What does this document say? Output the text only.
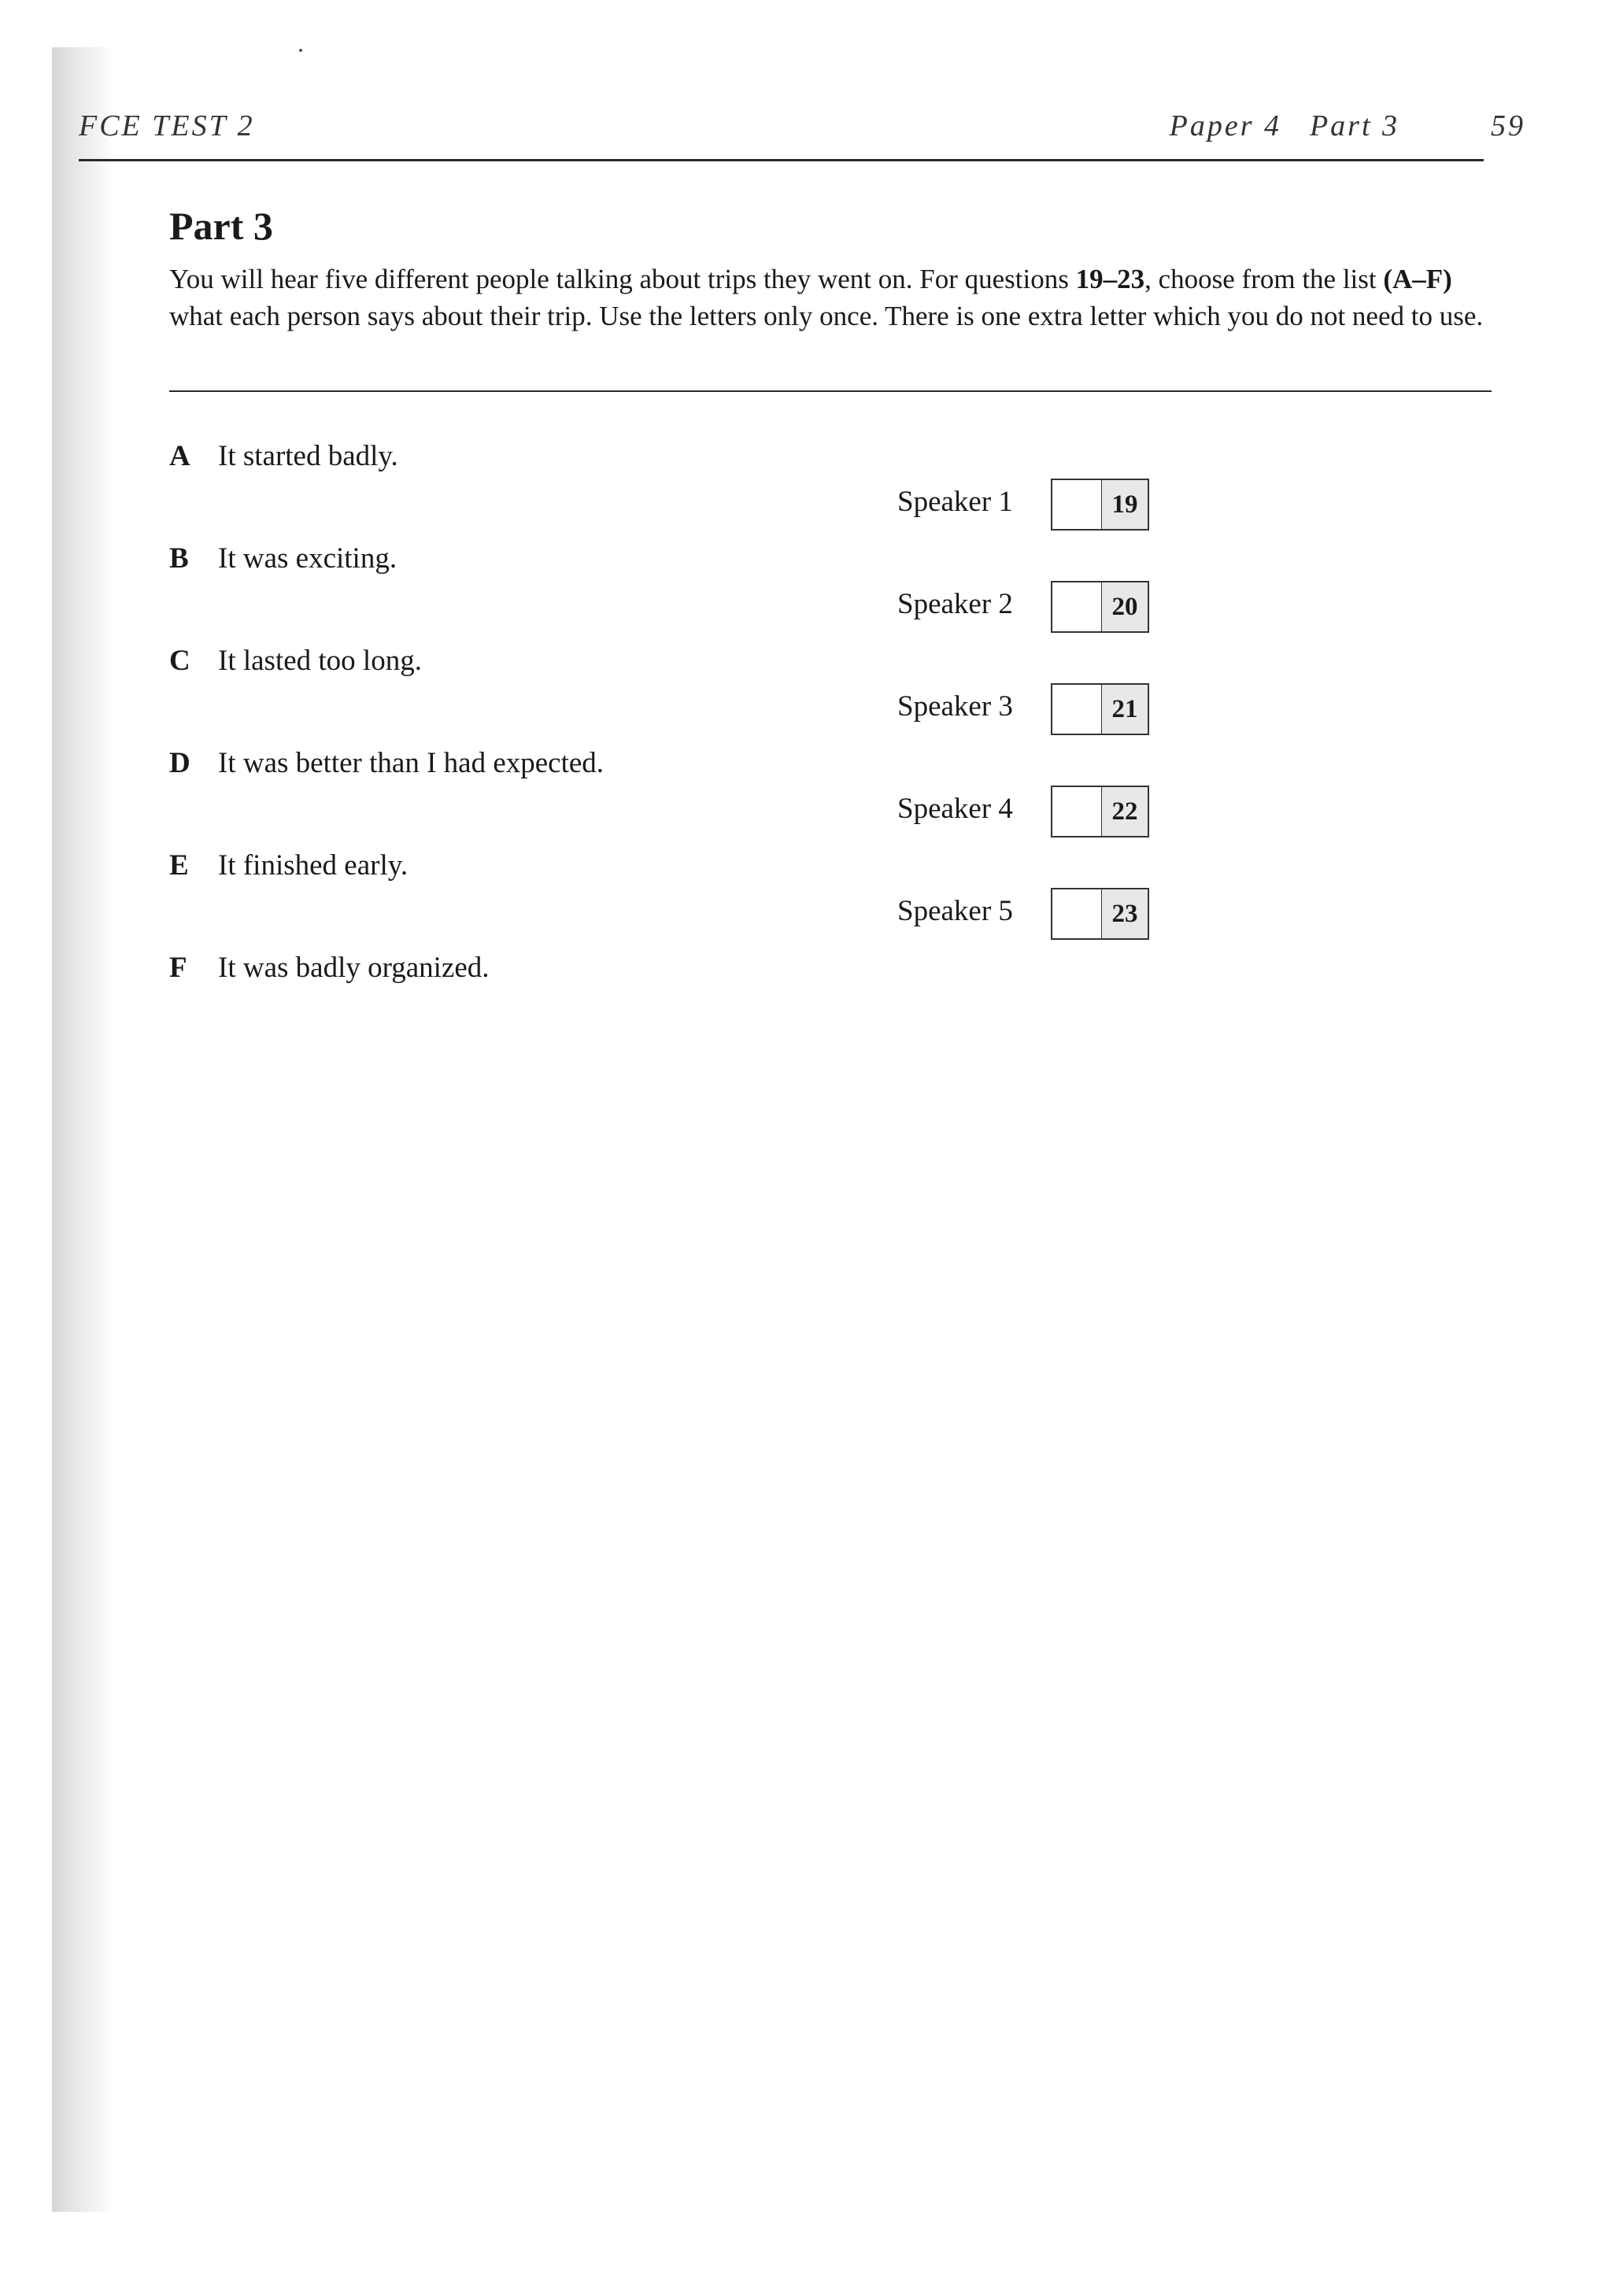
FCE TEST 2	Paper 4 Part 3	59
Part 3
You will hear five different people talking about trips they went on. For questions 19–23, choose from the list (A–F) what each person says about their trip. Use the letters only once. There is one extra letter which you do not need to use.
A It started badly.
B	It was exciting.
C It lasted too long.
D It was better than I had expected.
E	It finished early.
F	It was badly organized.
Speaker 1	19
Speaker 2	20
Speaker 3	21
Speaker 4	22
Speaker 5	23
